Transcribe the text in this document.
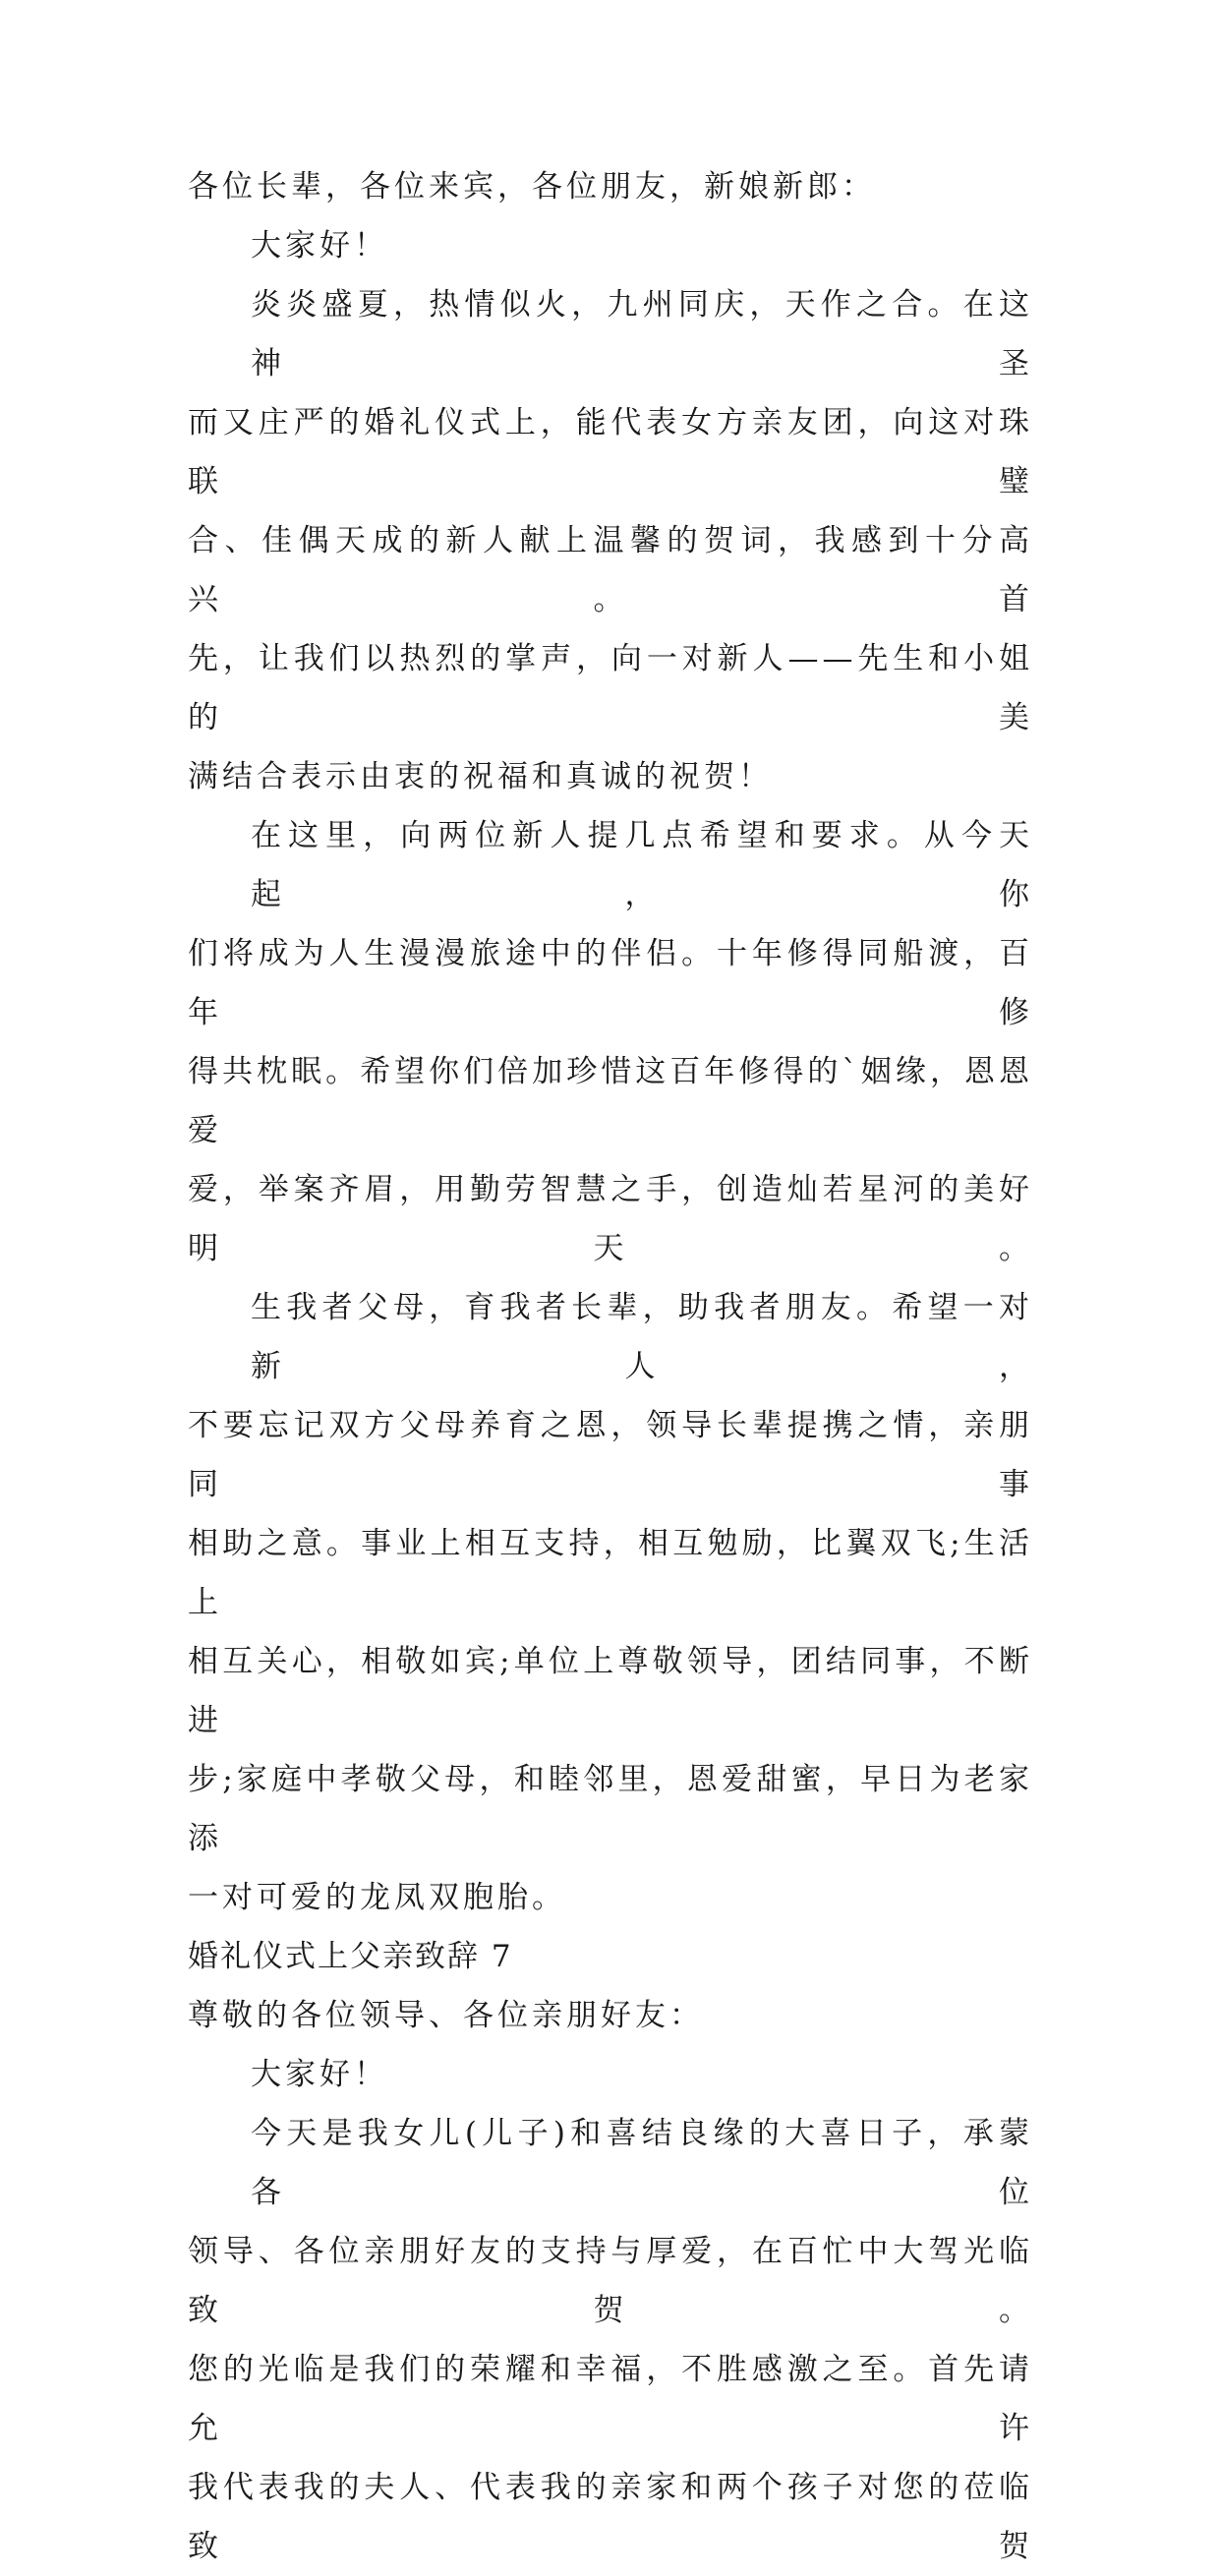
各位长辈，各位来宾，各位朋友，新娘新郎：

大家好！

炎炎盛夏，热情似火，九州同庆，天作之合。在这神圣

而又庄严的婚礼仪式上，能代表女方亲友团，向这对珠联璧

合、佳偶天成的新人献上温馨的贺词，我感到十分高兴。首

先，让我们以热烈的掌声，向一对新人——先生和小姐的美

满结合表示由衷的祝福和真诚的祝贺！

在这里，向两位新人提几点希望和要求。从今天起，你

们将成为人生漫漫旅途中的伴侣。十年修得同船渡，百年修

得共枕眠。希望你们倍加珍惜这百年修得的`姻缘，恩恩爱

爱，举案齐眉，用勤劳智慧之手，创造灿若星河的美好明天。

生我者父母，育我者长辈，助我者朋友。希望一对新人，

不要忘记双方父母养育之恩，领导长辈提携之情，亲朋同事

相助之意。事业上相互支持，相互勉励，比翼双飞;生活上

相互关心，相敬如宾;单位上尊敬领导，团结同事，不断进

步;家庭中孝敬父母，和睦邻里，恩爱甜蜜，早日为老家添

一对可爱的龙凤双胞胎。

婚礼仪式上父亲致辞 7

尊敬的各位领导、各位亲朋好友：

大家好！

今天是我女儿(儿子)和喜结良缘的大喜日子，承蒙各位

领导、各位亲朋好友的支持与厚爱，在百忙中大驾光临致贺。

您的光临是我们的荣耀和幸福，不胜感激之至。首先请允许

我代表我的夫人、代表我的亲家和两个孩子对您的莅临致贺
